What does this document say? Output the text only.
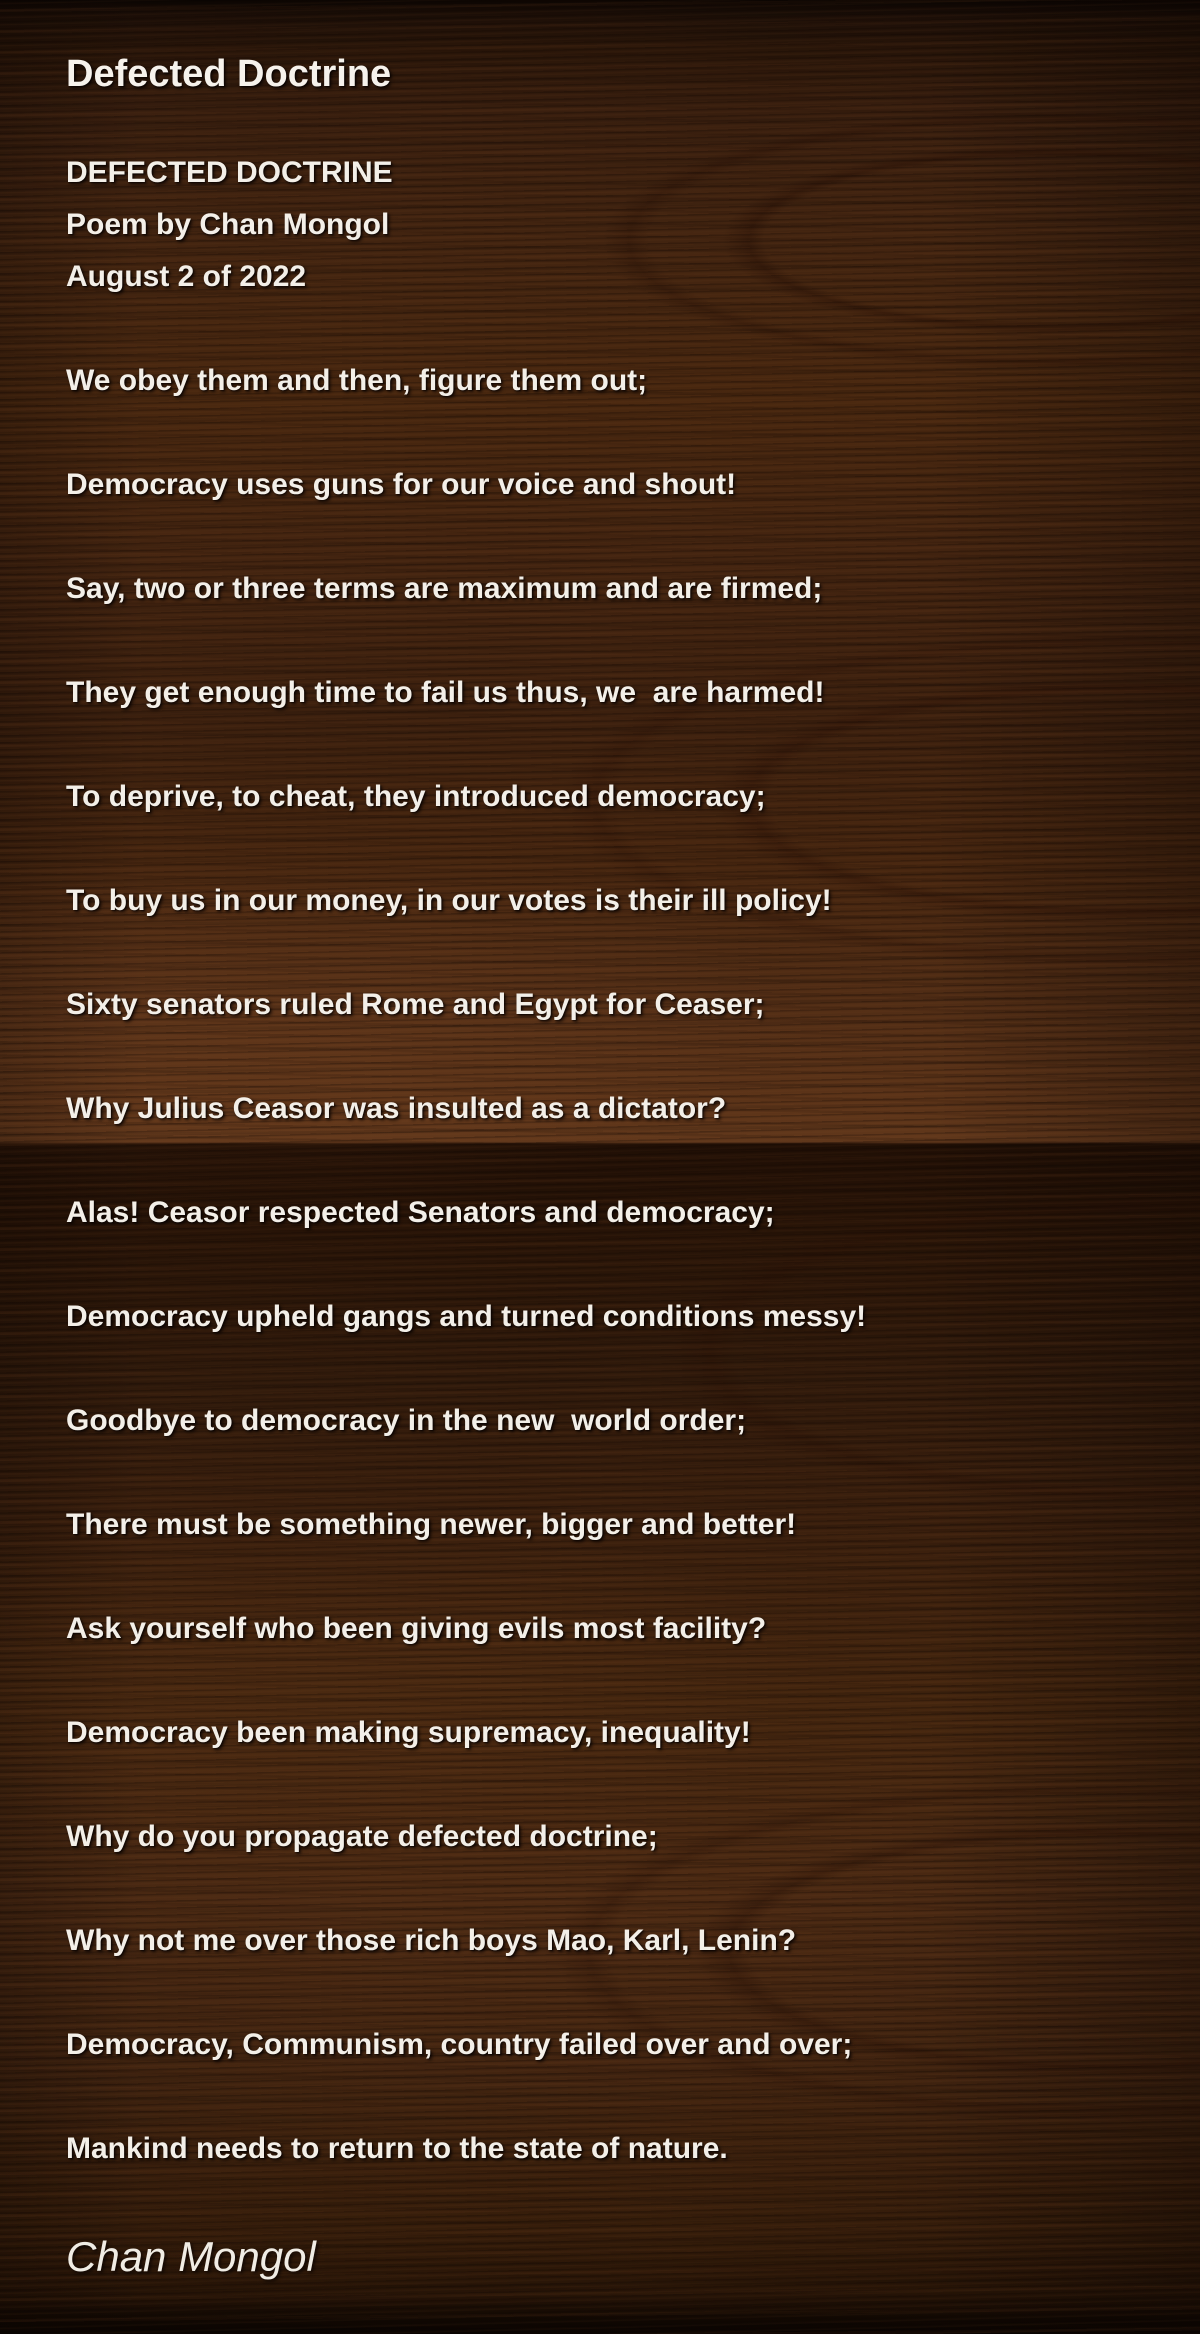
Defected Doctrine

DEFECTED DOCTRINE

Poem by Chan Mongol

August 2 of 2022

We obey them and then, figure them out;

Democracy uses guns for our voice and shout!

Say, two or three terms are maximum and are firmed;

They get enough time to fail us thus, we  are harmed!

To deprive, to cheat, they introduced democracy;

To buy us in our money, in our votes is their ill policy!

Sixty senators ruled Rome and Egypt for Ceaser;

Why Julius Ceasor was insulted as a dictator?

Alas! Ceasor respected Senators and democracy;

Democracy upheld gangs and turned conditions messy!

Goodbye to democracy in the new  world order;

There must be something newer, bigger and better!

Ask yourself who been giving evils most facility?

Democracy been making supremacy, inequality!

Why do you propagate defected doctrine;

Why not me over those rich boys Mao, Karl, Lenin?

Democracy, Communism, country failed over and over;

Mankind needs to return to the state of nature.

Chan Mongol
